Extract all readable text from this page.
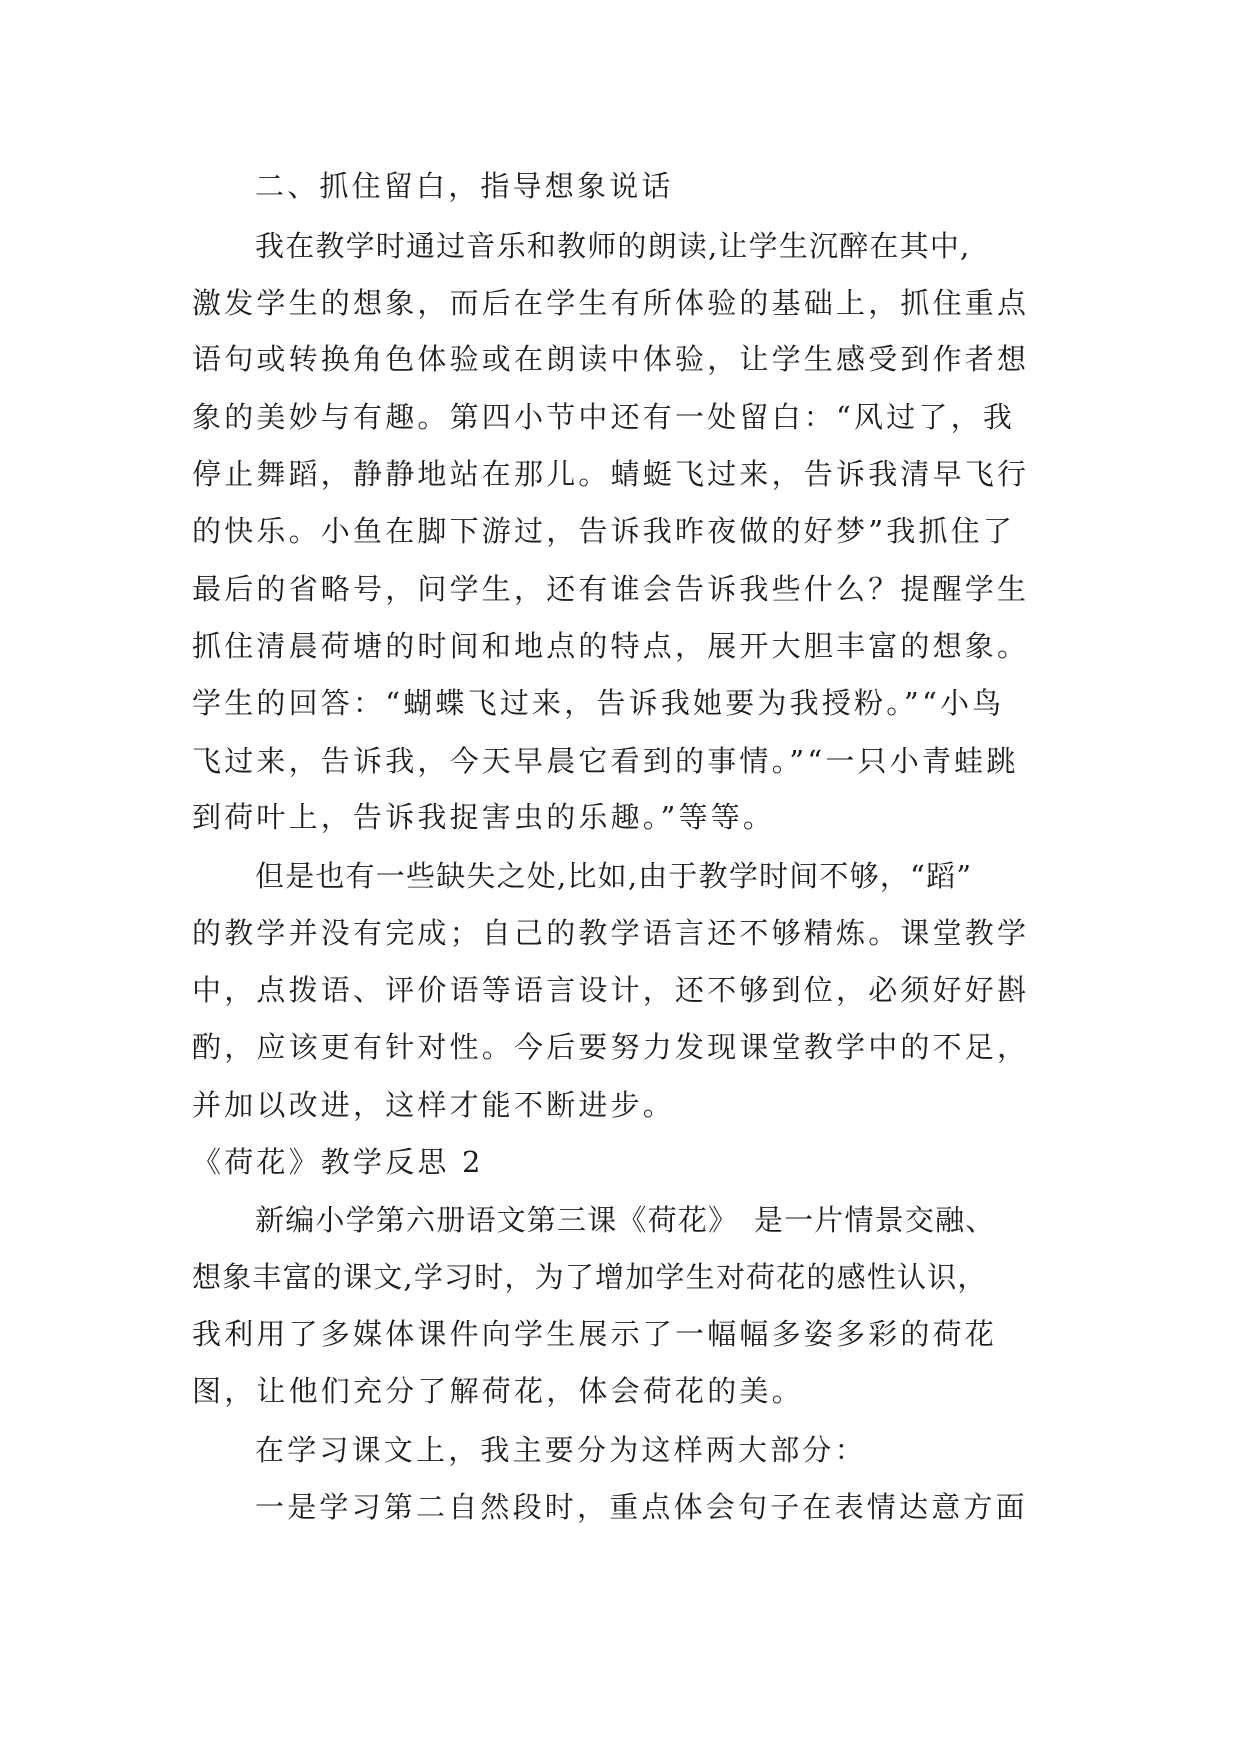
二、抓住留白，指导想象说话
我在教学时通过音乐和教师的朗读,让学生沉醉在其中,
激发学生的想象，而后在学生有所体验的基础上，抓住重点
语句或转换角色体验或在朗读中体验，让学生感受到作者想
象的美妙与有趣。第四小节中还有一处留白：“风过了，我
停止舞蹈，静静地站在那儿。蜻蜓飞过来，告诉我清早飞行
的快乐。小鱼在脚下游过，告诉我昨夜做的好梦”我抓住了
最后的省略号，问学生，还有谁会告诉我些什么？提醒学生
抓住清晨荷塘的时间和地点的特点，展开大胆丰富的想象。
学生的回答：“蝴蝶飞过来，告诉我她要为我授粉。”“小鸟
飞过来，告诉我，今天早晨它看到的事情。”“一只小青蛙跳
到荷叶上，告诉我捉害虫的乐趣。”等等。
但是也有一些缺失之处,比如,由于教学时间不够，“蹈”
的教学并没有完成；自己的教学语言还不够精炼。课堂教学
中，点拨语、评价语等语言设计，还不够到位，必须好好斟
酌，应该更有针对性。今后要努力发现课堂教学中的不足，
并加以改进，这样才能不断进步。
《荷花》教学反思 2
新编小学第六册语文第三课《荷花》　是一片情景交融、
想象丰富的课文,学习时，为了增加学生对荷花的感性认识，
我利用了多媒体课件向学生展示了一幅幅多姿多彩的荷花
图，让他们充分了解荷花，体会荷花的美。
在学习课文上，我主要分为这样两大部分：
一是学习第二自然段时，重点体会句子在表情达意方面
